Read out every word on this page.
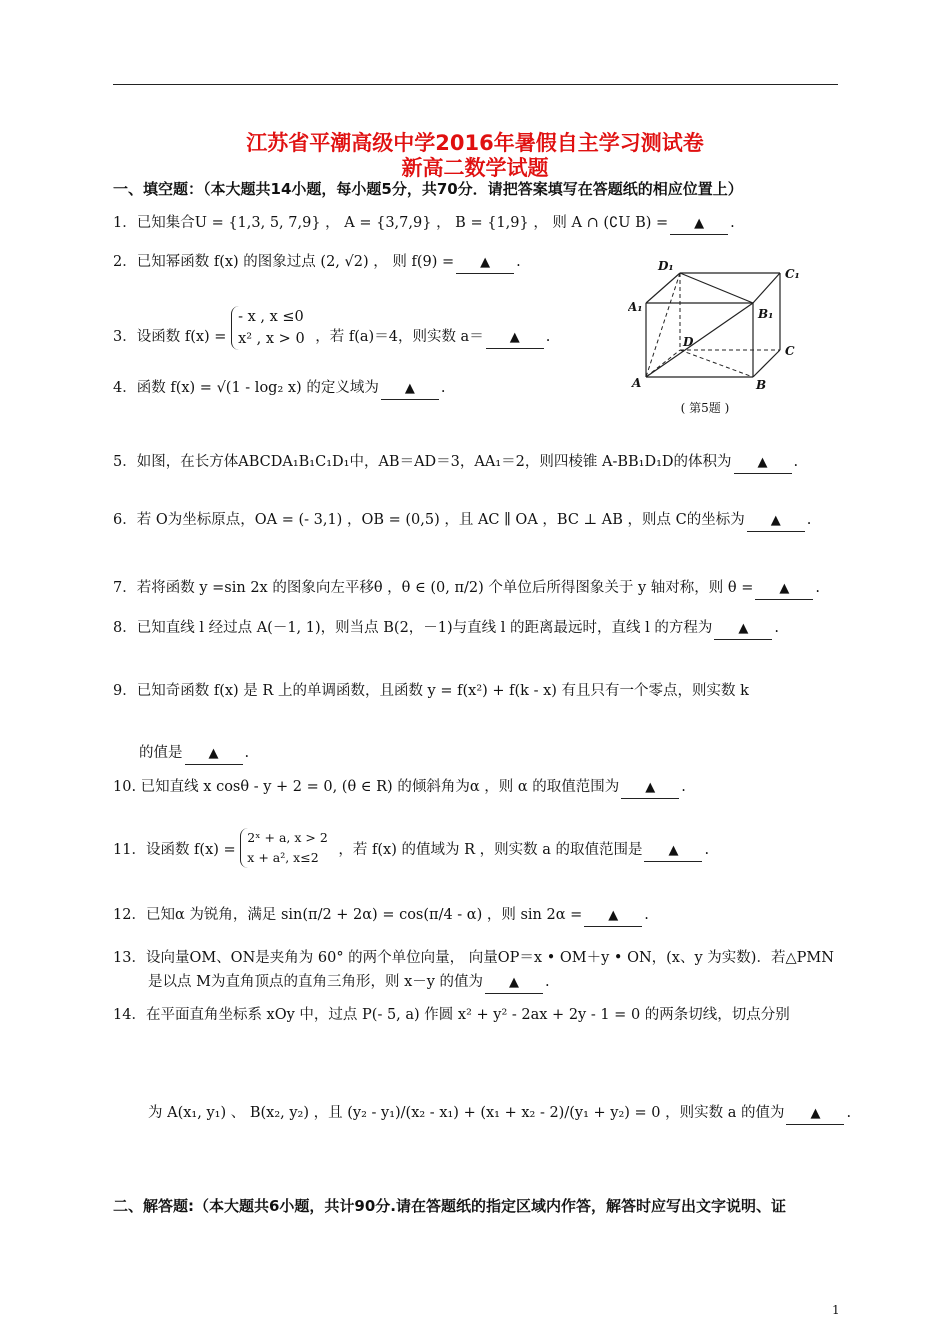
江苏省平潮高级中学2016年暑假自主学习测试卷
新高二数学试题
一、填空题：（本大题共14小题，每小题5分，共70分．请把答案填写在答题纸的相应位置上）
1．已知集合U = {1,3, 5, 7,9} ， A = {3,7,9} ， B = {1,9} ， 则 A ∩ (∁U B) = ▲ .
2．已知幂函数 f(x) 的图象过点 (2, √2) ， 则 f(9) = ▲ .
3．设函数 f(x) = - x , x ≤0
x² , x > 0 ，若 f(a)＝4，则实数 a＝ ▲ .
4．函数 f(x) = √(1 - log₂ x) 的定义域为 ▲ .
D₁
C₁
A₁	B₁
D
C
A	B
( 第5题 )
5．如图，在长方体ABCDA₁B₁C₁D₁中，AB＝AD＝3，AA₁＝2，则四棱锥 A-BB₁D₁D的体积为 ▲ .
6．若 O为坐标原点，OA = (- 3,1) ，OB = (0,5) ，且 AC ∥ OA ，BC ⊥ AB ，则点 C的坐标为 ▲ .
7．若将函数 y =sin 2x 的图象向左平移θ ，θ ∈ (0, π/2) 个单位后所得图象关于 y 轴对称，则 θ = ▲ .
8．已知直线 l 经过点 A(－1, 1)，则当点 B(2，－1)与直线 l 的距离最远时，直线 l 的方程为 ▲ .
9．已知奇函数 f(x) 是 R 上的单调函数，且函数 y = f(x²) + f(k - x) 有且只有一个零点，则实数 k
的值是 ▲ .
10. 已知直线 x cosθ - y + 2 = 0, (θ ∈ R) 的倾斜角为α ，则 α 的取值范围为 ▲ .
11．设函数 f(x) = 2ˣ + a, x > 2
x + a², x≤2 ，若 f(x) 的值域为 R ，则实数 a 的取值范围是 ▲ .
12．已知α 为锐角，满足 sin(π/2 + 2α) = cos(π/4 - α) ，则 sin 2α = ▲ .
13．设向量OM、ON是夹角为 60° 的两个单位向量， 向量OP＝x • OM＋y • ON，(x、y 为实数)．若△PMN
是以点 M为直角顶点的直角三角形，则 x－y 的值为 ▲ .
14．在平面直角坐标系 xOy 中，过点 P(- 5, a) 作圆 x² + y² - 2ax + 2y - 1 = 0 的两条切线，切点分别
为 A(x₁, y₁) 、 B(x₂, y₂) ，且 (y₂ - y₁)/(x₂ - x₁) + (x₁ + x₂ - 2)/(y₁ + y₂) = 0 ，则实数 a 的值为 ▲ .
二、解答题:（本大题共6小题，共计90分.请在答题纸的指定区域内作答，解答时应写出文字说明、证
1
